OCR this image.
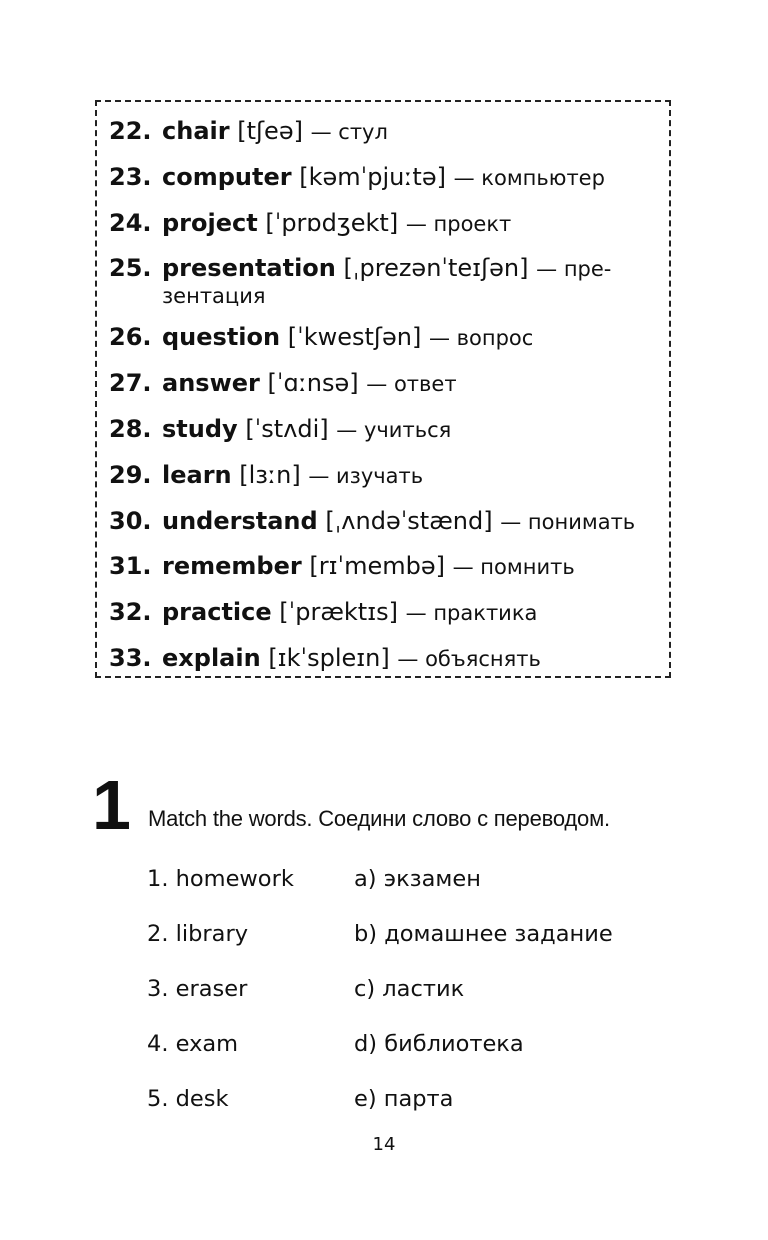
22. chair [tʃeə] — стул
23. computer [kəmˈpjuːtə] — компьютер
24. project [ˈprɒdʒekt] — проект
25. presentation [ˌprezənˈteɪʃən] — пре-
зентация
26. question [ˈkwestʃən] — вопрос
27. answer [ˈɑːnsə] — ответ
28. study [ˈstʌdi] — учиться
29. learn [lɜːn] — изучать
30. understand [ˌʌndəˈstænd] — понимать
31. remember [rɪˈmembə] — помнить
32. practice [ˈpræktɪs] — практика
33. explain [ɪkˈspleɪn] — объяснять
1 Match the words. Соедини слово с переводом.
1. homework	a) экзамен
2. library	b) домашнее задание
3. eraser	c) ластик
4. exam	d) библиотека
5. desk	e) парта
14
